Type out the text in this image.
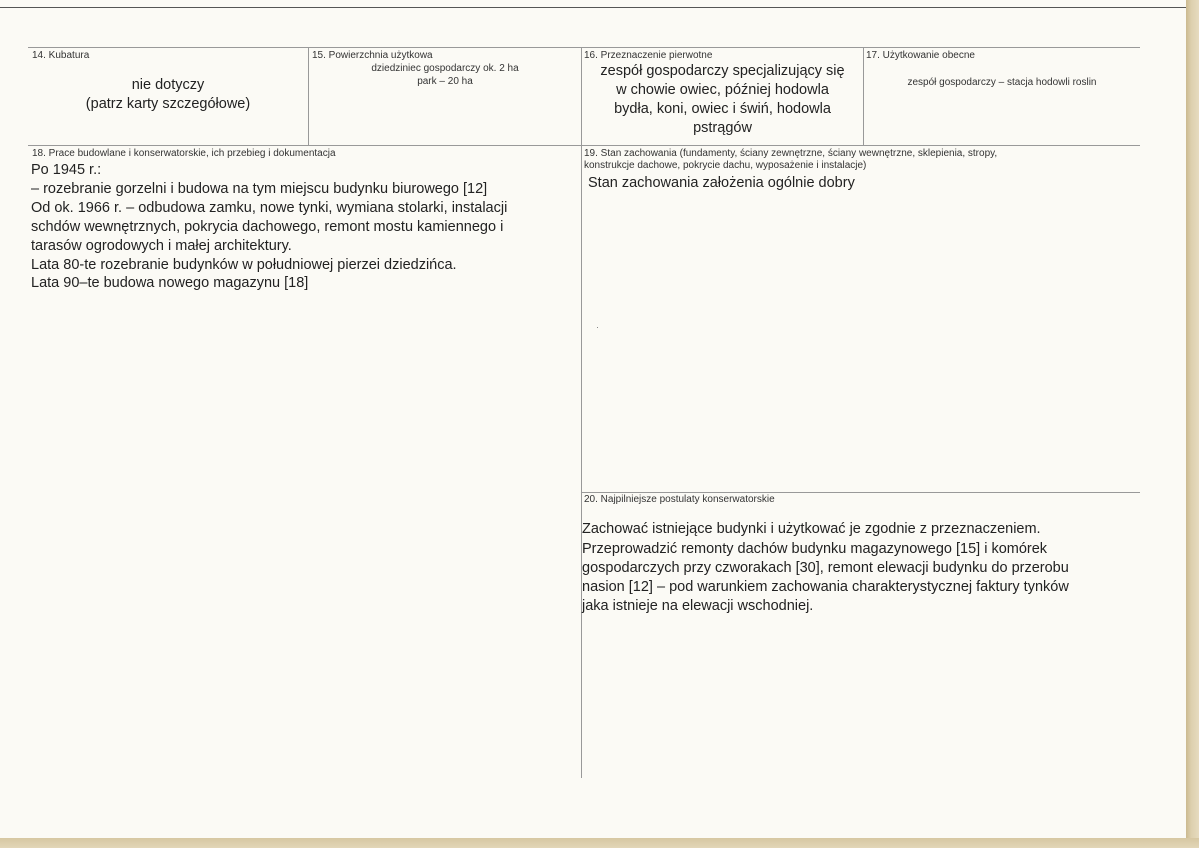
14. Kubatura
nie dotyczy
(patrz karty szczegółowe)
15. Powierzchnia użytkowa
dziedziniec gospodarczy ok. 2 ha
park – 20 ha
16. Przeznaczenie pierwotne
zespół gospodarczy specjalizujący się
w chowie owiec, później hodowla
bydła, koni, owiec i świń, hodowla
pstrągów
17. Użytkowanie obecne
zespół gospodarczy – stacja hodowli roslin
18. Prace budowlane i konserwatorskie, ich przebieg i dokumentacja
Po 1945 r.:
– rozebranie gorzelni i budowa na tym miejscu budynku biurowego [12]
Od ok. 1966 r. – odbudowa zamku, nowe tynki, wymiana stolarki, instalacji
schdów wewnętrznych, pokrycia dachowego, remont mostu kamiennego i
tarasów ogrodowych i małej architektury.
Lata 80-te rozebranie budynków w południowej pierzei dziedzińca.
Lata 90–te budowa nowego magazynu [18]
19. Stan zachowania (fundamenty, ściany zewnętrzne, ściany wewnętrzne, sklepienia, stropy,
konstrukcje dachowe, pokrycie dachu, wyposażenie i instalacje)
Stan zachowania założenia ogólnie dobry
20. Najpilniejsze postulaty konserwatorskie
Zachować istniejące budynki i użytkować je zgodnie z przeznaczeniem.
Przeprowadzić remonty dachów budynku magazynowego [15] i komórek
gospodarczych przy czworakach [30], remont elewacji budynku do przerobu
nasion [12] – pod warunkiem zachowania charakterystycznej faktury tynków
jaka istnieje na elewacji wschodniej.
